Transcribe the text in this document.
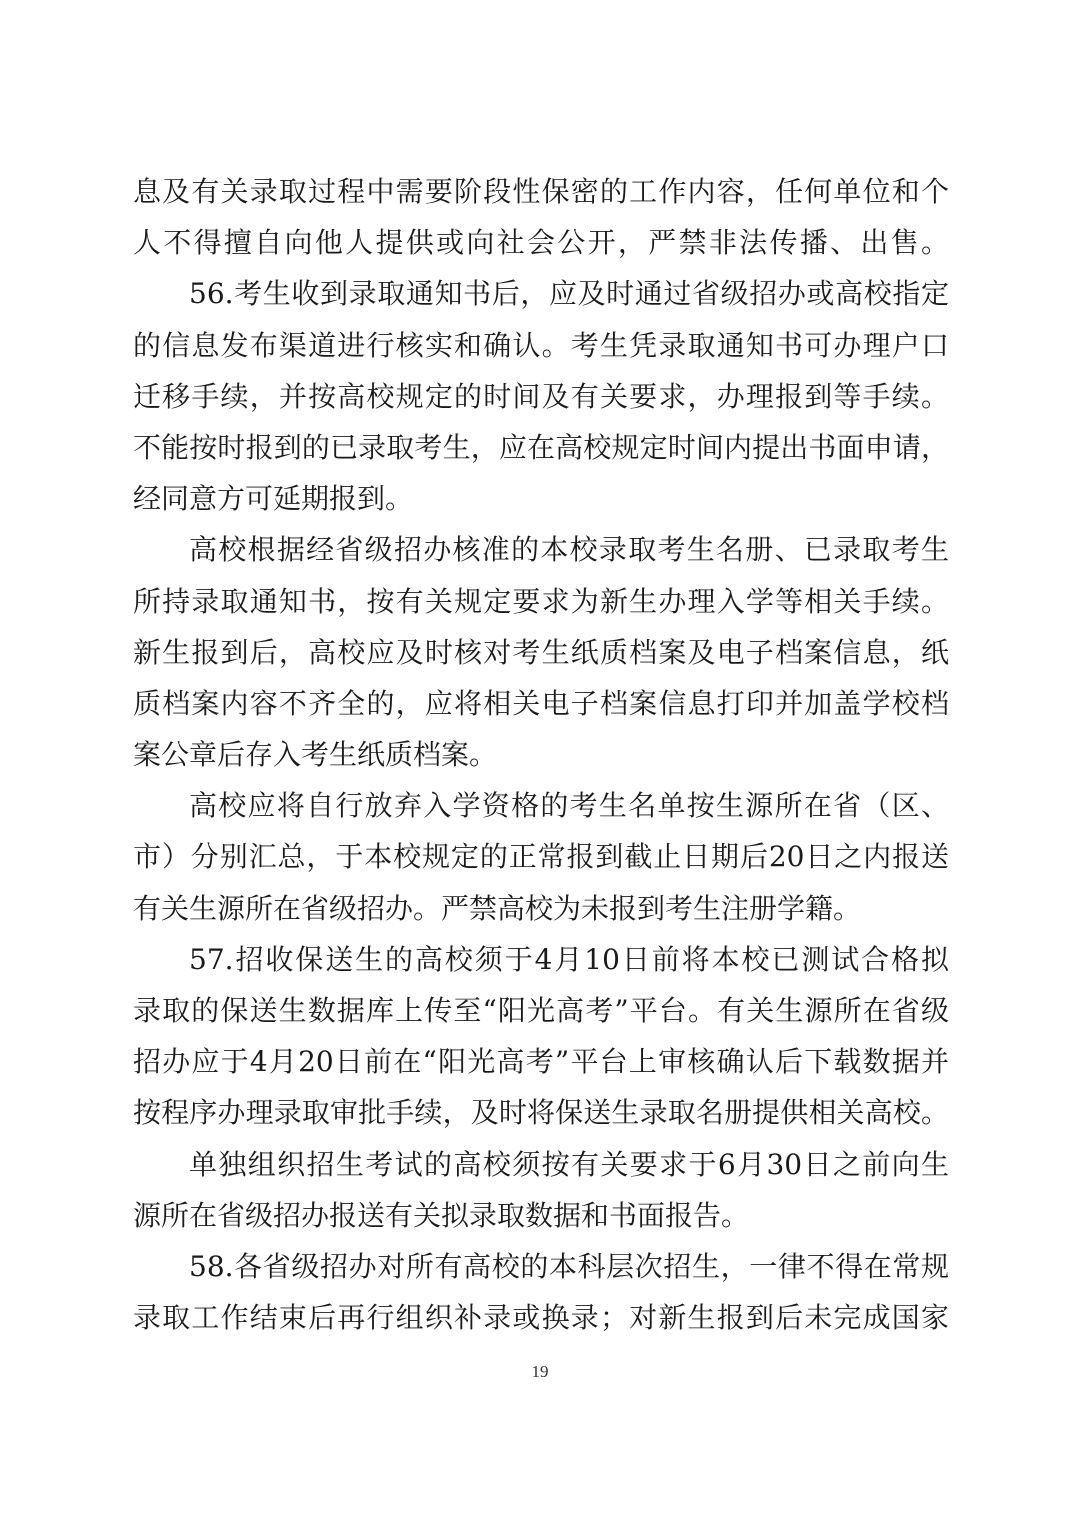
息及有关录取过程中需要阶段性保密的工作内容，任何单位和个
人不得擅自向他人提供或向社会公开，严禁非法传播、出售。
56.考生收到录取通知书后，应及时通过省级招办或高校指定
的信息发布渠道进行核实和确认。考生凭录取通知书可办理户口
迁移手续，并按高校规定的时间及有关要求，办理报到等手续。
不能按时报到的已录取考生，应在高校规定时间内提出书面申请，
经同意方可延期报到。
高校根据经省级招办核准的本校录取考生名册、已录取考生
所持录取通知书，按有关规定要求为新生办理入学等相关手续。
新生报到后，高校应及时核对考生纸质档案及电子档案信息，纸
质档案内容不齐全的，应将相关电子档案信息打印并加盖学校档
案公章后存入考生纸质档案。
高校应将自行放弃入学资格的考生名单按生源所在省（区、
市）分别汇总，于本校规定的正常报到截止日期后20日之内报送
有关生源所在省级招办。严禁高校为未报到考生注册学籍。
57.招收保送生的高校须于4月10日前将本校已测试合格拟
录取的保送生数据库上传至“阳光高考”平台。有关生源所在省级
招办应于4月20日前在“阳光高考”平台上审核确认后下载数据并
按程序办理录取审批手续，及时将保送生录取名册提供相关高校。
单独组织招生考试的高校须按有关要求于6月30日之前向生
源所在省级招办报送有关拟录取数据和书面报告。
58.各省级招办对所有高校的本科层次招生，一律不得在常规
录取工作结束后再行组织补录或换录；对新生报到后未完成国家
19
